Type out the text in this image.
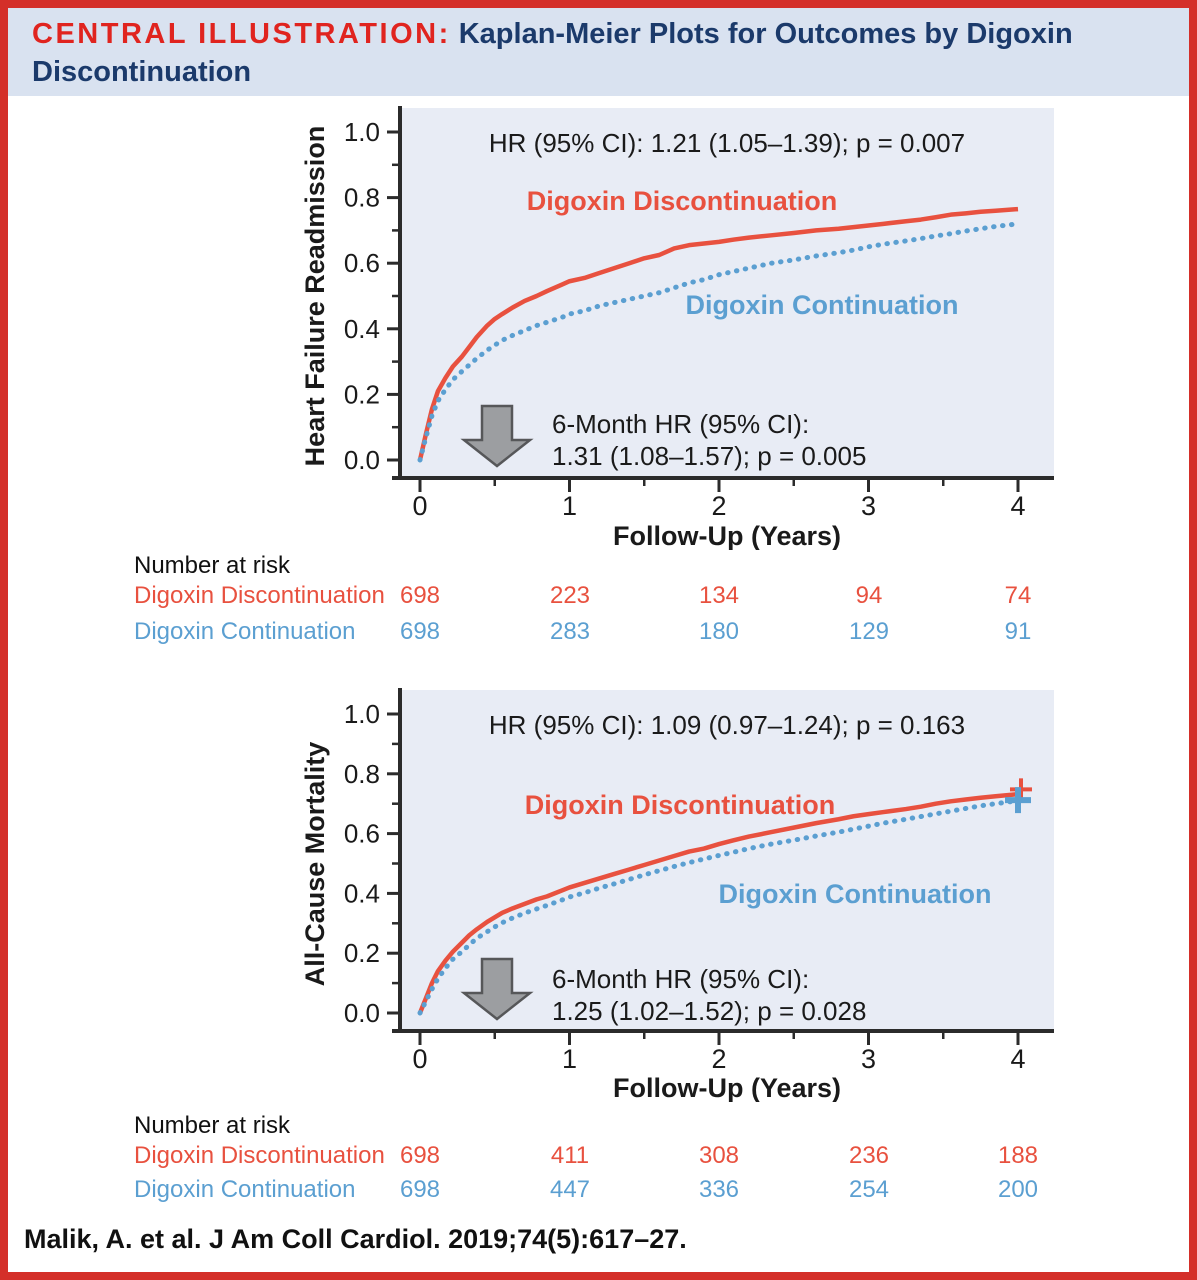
CENTRAL ILLUSTRATION: Kaplan-Meier Plots for Outcomes by Digoxin Discontinuation
1.0
0.8
0.6
0.4
0.2
0.0
0	1	2	3	4
HR (95% CI): 1.21 (1.05–1.39); p = 0.007
Digoxin Discontinuation
Digoxin Continuation
6-Month HR (95% CI):
1.31 (1.08–1.57); p = 0.005
Heart Failure Readmission
Follow-Up (Years)
Number at risk
Digoxin Discontinuation 698	223	134	94	74
Digoxin Continuation	698	283	180	129	91
1.0
0.8
0.6
0.4
0.2
0.0
0	1	2	3	4
HR (95% CI): 1.09 (0.97–1.24); p = 0.163
Digoxin Discontinuation
Digoxin Continuation
6-Month HR (95% CI):
1.25 (1.02–1.52); p = 0.028
All-Cause Mortality
Follow-Up (Years)
Number at risk
Digoxin Discontinuation 698	411	308	236	188
Digoxin Continuation	698	447	336	254	200
Malik, A. et al. J Am Coll Cardiol. 2019;74(5):617–27.
